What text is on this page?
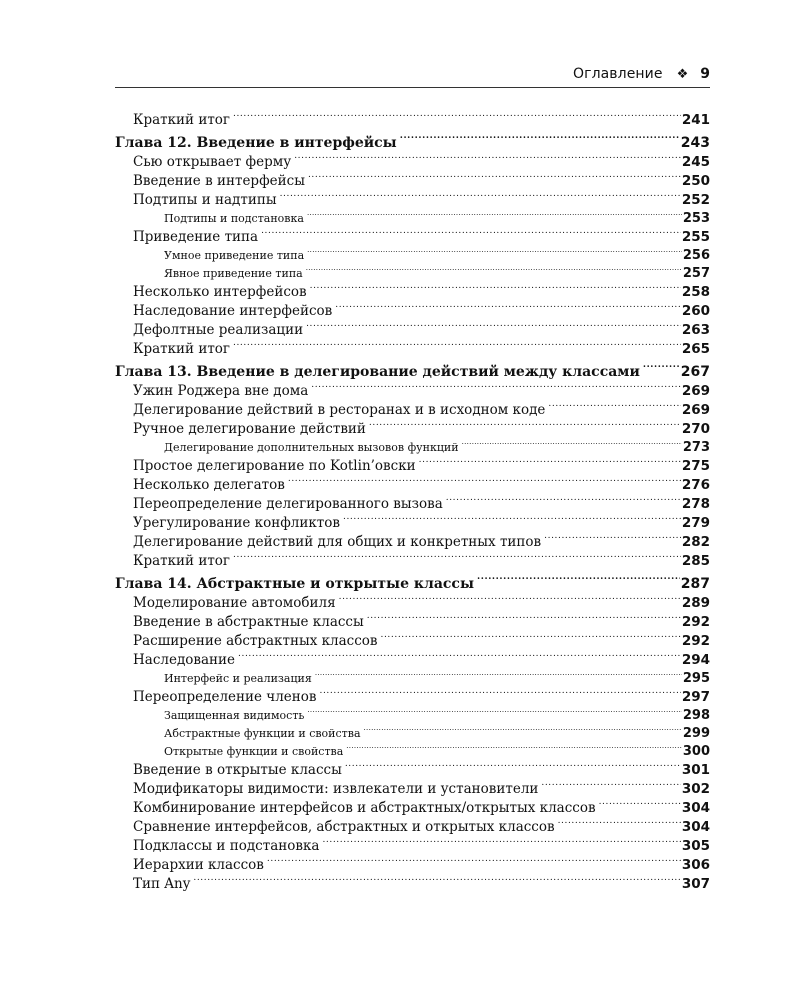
Оглавление ❖ 9
Краткий итог .....	241
Глава 12. Введение в интерфейсы .....	243
Сью открывает ферму .....	245
Введение в интерфейсы .....	250
Подтипы и надтипы .....	252
Подтипы и подстановка .....	253
Приведение типа .....	255
Умное приведение типа .....	256
Явное приведение типа .....	257
Несколько интерфейсов .....	258
Наследование интерфейсов .....	260
Дефолтные реализации .....	263
Краткий итог .....	265
Глава 13. Введение в делегирование действий между классами .....	267
Ужин Роджера вне дома .....	269
Делегирование действий в ресторанах и в исходном коде .....	269
Ручное делегирование действий .....	270
Делегирование дополнительных вызовов функций .....	273
Простое делегирование по Kotlin’овски .....	275
Несколько делегатов .....	276
Переопределение делегированного вызова .....	278
Урегулирование конфликтов .....	279
Делегирование действий для общих и конкретных типов .....	282
Краткий итог .....	285
Глава 14. Абстрактные и открытые классы .....	287
Моделирование автомобиля .....	289
Введение в абстрактные классы .....	292
Расширение абстрактных классов .....	292
Наследование .....	294
Интерфейс и реализация .....	295
Переопределение членов .....	297
Защищенная видимость .....	298
Абстрактные функции и свойства .....	299
Открытые функции и свойства .....	300
Введение в открытые классы .....	301
Модификаторы видимости: извлекатели и установители .....	302
Комбинирование интерфейсов и абстрактных/открытых классов .....	304
Сравнение интерфейсов, абстрактных и открытых классов .....	304
Подклассы и подстановка .....	305
Иерархии классов .....	306
Тип Any .....	307
